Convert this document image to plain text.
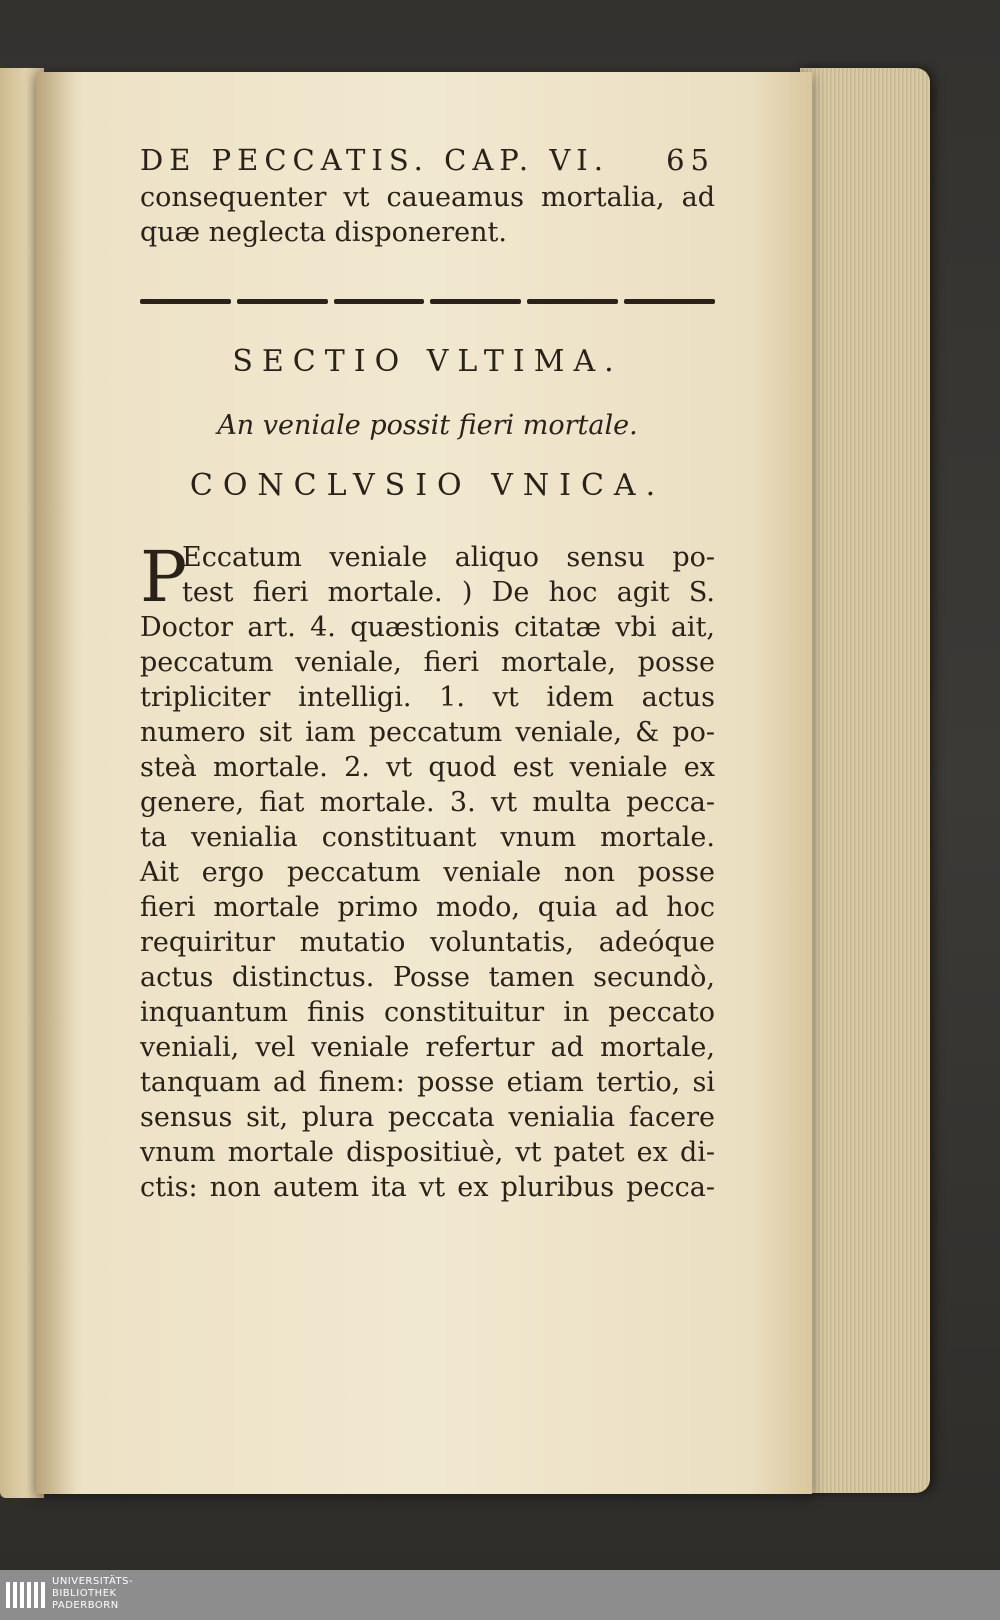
DE PECCATIS. CAP. VI. 65
consequenter vt caueamus mortalia, ad
quæ neglecta disponerent.
SECTIO VLTIMA.
An veniale possit fieri mortale.
CONCLVSIO VNICA.
P
Eccatum veniale aliquo sensu po-
test fieri mortale. ) De hoc agit S.
Doctor art. 4. quæstionis citatæ vbi ait,
peccatum veniale, fieri mortale, posse
tripliciter intelligi. 1. vt idem actus
numero sit iam peccatum veniale, & po-
steà mortale. 2. vt quod est veniale ex
genere, fiat mortale. 3. vt multa pecca-
ta venialia constituant vnum mortale.
Ait ergo peccatum veniale non posse
fieri mortale primo modo, quia ad hoc
requiritur mutatio voluntatis, adeóque
actus distinctus. Posse tamen secundò,
inquantum finis constituitur in peccato
veniali, vel veniale refertur ad mortale,
tanquam ad finem: posse etiam tertio, si
sensus sit, plura peccata venialia facere
vnum mortale dispositiuè, vt patet ex di-
ctis: non autem ita vt ex pluribus pecca-
UNIVERSITÄTS-
BIBLIOTHEK
PADERBORN
